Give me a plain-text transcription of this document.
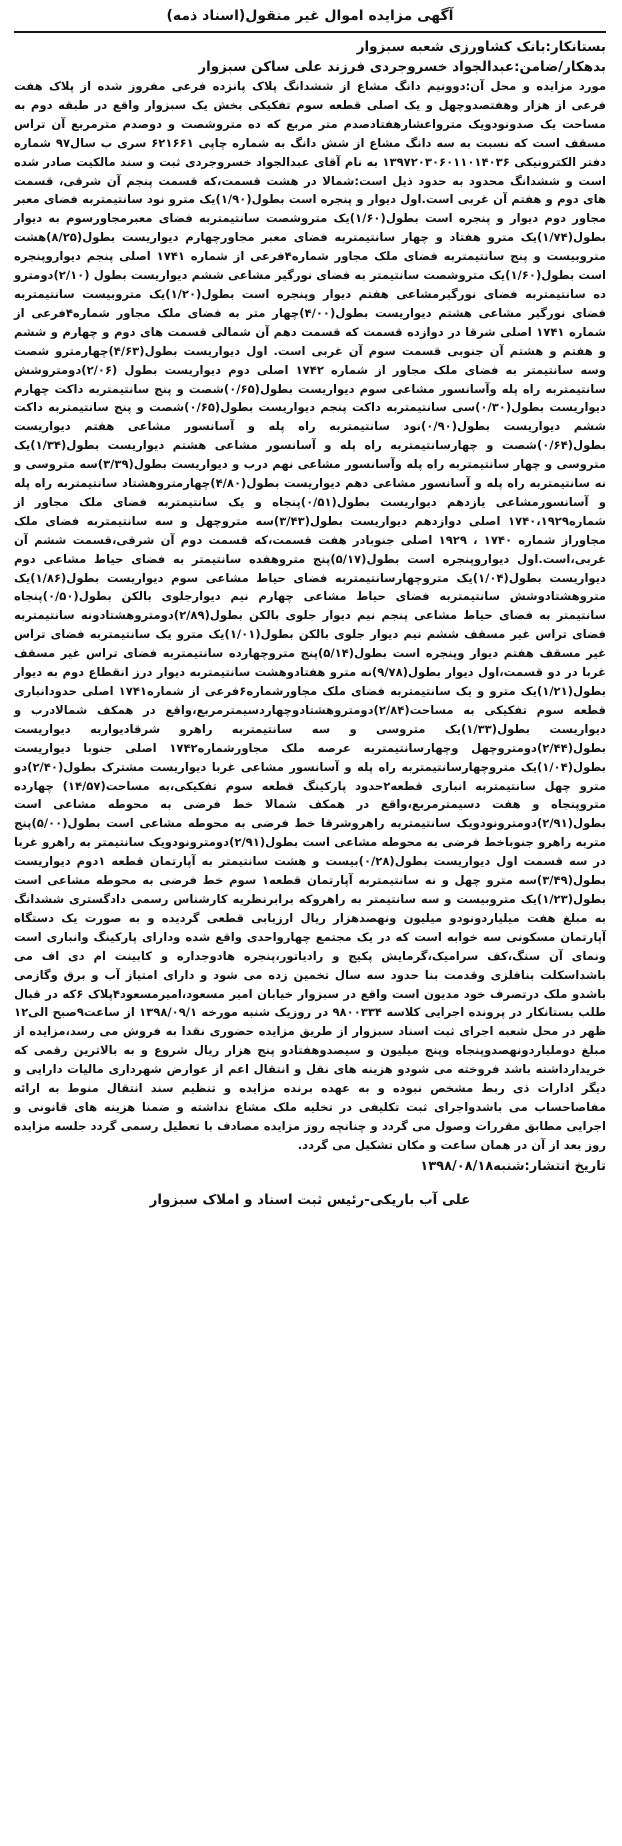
آگهی مزایده اموال غیر منقول(اسناد ذمه)

بستانکار:بانک کشاورزی شعبه سبزوار

بدهکار/ضامن:عبدالجواد خسروجردی فرزند علی ساکن سبزوار

مورد مزایده و محل آن:دوونیم دانگ مشاع از ششدانگ پلاک پانزده فرعی مفروز شده از پلاک هفت فرعی از هزار وهفتصدوچهل و یک اصلی قطعه سوم تفکیکی بخش یک سبزوار واقع در طبقه دوم به مساحت یک صدونودویک مترواعشارهفتادصدم متر مربع که ده متروشصت و دوصدم مترمربع آن تراس مسقف است که نسبت به سه دانگ مشاع از شش دانگ به شماره چاپی ۶۲۱۶۶۱ سری ب سال۹۷ شماره دفتر الکترونیکی ۱۳۹۷۲۰۳۰۶۰۱۱۰۱۴۰۳۶ به نام آقای عبدالجواد خسروجردی ثبت و سند مالکیت صادر شده است و ششدانگ محدود به حدود ذیل است:شمالا در هشت قسمت،که قسمت پنجم آن شرقی، قسمت های دوم و هفتم آن غربی است.اول دیوار و پنجره است بطول(۱/۹۰)یک مترو نود سانتیمتربه فضای معبر مجاور دوم دیوار و پنجره است بطول(۱/۶۰)یک متروشصت سانتیمتربه فضای معبرمجاورسوم به دیوار بطول(۱/۷۴)یک مترو هفتاد و چهار سانتیمتربه فضای معبر مجاورچهارم دیواریست بطول(۸/۲۵)هشت متروبیست و پنج سانتیمتربه فضای ملک مجاور شماره۴فرعی از شماره ۱۷۴۱ اصلی پنجم دیواروپنجره است بطول(۱/۶۰)یک متروشصت سانتیمتر به فضای نورگیر مشاعی ششم دیواریست بطول (۲/۱۰)دومترو ده سانتیمتربه فضای نورگیرمشاعی هفتم دیوار وپنجره است بطول(۱/۲۰)یک متروبیست سانتیمتربه فضای نورگیر مشاعی هشتم دیواریست بطول(۴/۰۰)چهار متر به فضای ملک مجاور شماره۴فرعی از شماره ۱۷۴۱ اصلی شرقا در دوازده قسمت که قسمت دهم آن شمالی قسمت های دوم و چهارم و ششم و هفتم و هشتم آن جنوبی قسمت سوم آن غربی است. اول دیواریست بطول(۴/۶۳)چهارمترو شصت وسه سانتیمتر به فضای ملک مجاور از شماره ۱۷۴۲ اصلی دوم دیواریست بطول (۲/۰۶)دومتروشش سانتیمتربه راه پله وآسانسور مشاعی سوم دیواریست بطول(۰/۶۵)شصت و پنج سانتیمتربه داکت چهارم دیواریست بطول(۰/۳۰)سی سانتیمتربه داکت پنجم دیواریست بطول(۰/۶۵)شصت و پنج سانتیمتربه داکت ششم دیواریست بطول(۰/۹۰)نود سانتیمتربه راه پله و آسانسور مشاعی هفتم دیواریست بطول(۰/۶۴)شصت و چهارسانتیمتربه راه پله و آسانسور مشاعی هشتم دیواریست بطول(۱/۳۴)یک متروسی و چهار سانتیمتربه راه پله وآسانسور مشاعی نهم درب و دیواریست بطول(۳/۳۹)سه متروسی و نه سانتیمتربه راه پله و آسانسور مشاعی دهم دیواریست بطول(۴/۸۰)چهارمتروهشتاد سانتیمتربه راه پله و آسانسورمشاعی یازدهم دیواریست بطول(۰/۵۱)پنجاه و یک سانتیمتربه فضای ملک مجاور از شماره۱۷۴۰،۱۹۲۹ اصلی دوازدهم دیواریست بطول(۳/۴۳)سه متروچهل و سه سانتیمتربه فضای ملک مجاوراز شماره ۱۷۴۰ ، ۱۹۲۹ اصلی جنوبادر هفت قسمت،که قسمت دوم آن شرقی،قسمت ششم آن غربی،است.اول دیواروپنجره است بطول(۵/۱۷)پنج متروهفده سانتیمتر به فضای حیاط مشاعی دوم دیواریست بطول(۱/۰۴)یک متروچهارسانتیمتربه فضای حیاط مشاعی سوم دیواریست بطول(۱/۸۶)یک متروهشتادوشش سانتیمتربه فضای حیاط مشاعی چهارم نیم دیوارجلوی بالکن بطول(۰/۵۰)پنجاه سانتیمتر به فضای حیاط مشاعی پنجم نیم دیوار جلوی بالکن بطول(۲/۸۹)دومتروهشتادونه سانتیمتربه فضای تراس غیر مسقف ششم نیم دیوار جلوی بالکن بطول(۱/۰۱)یک مترو یک سانتیمتربه فضای تراس غیر مسقف هفتم دیوار وپنجره است بطول(۵/۱۴)پنج متروچهارده سانتیمتربه فضای تراس غیر مسقف غربا در دو قسمت،اول دیوار بطول(۹/۷۸)نه مترو هفتادوهشت سانتیمتربه دیوار درز انقطاع دوم به دیوار بطول(۱/۲۱)یک مترو و یک سانتیمتربه فضای ملک مجاورشماره۶فرعی از شماره۱۷۴۱ اصلی حدودانباری قطعه سوم تفکیکی به مساحت(۲/۸۴)دومتروهشتادوچهاردسیمترمربع،واقع در همکف شمالادرب و دیواریست بطول(۱/۳۳)یک متروسی و سه سانتیمتربه راهرو شرقادیواربه دیواریست بطول(۲/۴۴)دومتروچهل وچهارسانتیمتربه عرصه ملک مجاورشماره۱۷۴۲ اصلی جنوبا دیواریست بطول(۱/۰۴)یک متروچهارسانتیمتربه راه پله و آسانسور مشاعی غربا دیواریست مشترک بطول(۲/۴۰)دو مترو چهل سانتیمتربه انباری قطعه۲حدود پارکینگ قطعه سوم تفکیکی،به مساحت(۱۴/۵۷) چهارده متروپنجاه و هفت دسیمترمربع،واقع در همکف شمالا خط فرضی به محوطه مشاعی است بطول(۲/۹۱)دومترونودویک سانتیمتربه راهروشرقا خط فرضی به محوطه مشاعی است بطول(۵/۰۰)پنج متربه راهرو جنوباخط فرضی به محوطه مشاعی است بطول(۲/۹۱)دومترونودویک سانتیمتر به راهرو غربا در سه قسمت اول دیواریست بطول(۰/۲۸)بیست و هشت سانتیمتر به آپارتمان قطعه ۱دوم دیواریست بطول(۳/۴۹)سه مترو چهل و نه سانتیمتربه آپارتمان قطعه۱ سوم خط فرضی به محوطه مشاعی است بطول(۱/۲۳)یک متروبیست و سه سانتیمتر به راهروکه برابرنظریه کارشناس رسمی دادگستری ششدانگ به مبلغ هفت میلیاردونودو میلیون ونهصدهزار ریال ارزیابی قطعی گردیده و به صورت یک دستگاه آپارتمان مسکونی سه خوابه است که در یک مجتمع چهارواحدی واقع شده ودارای پارکینگ وانباری است ونمای آن سنگ،کف سرامیک،گرمایش پکیج و رادیاتور،پنجره هادوجداره و کابینت ام دی اف می باشداسکلت بنافلزی وقدمت بنا حدود سه سال تخمین زده می شود و دارای امتیاز آب و برق وگازمی باشدو ملک درتصرف خود مدیون است واقع در سبزوار خیابان امیر مسعود،امیرمسعود۴پلاک ۶که در قبال طلب بستانکار در پرونده اجرایی کلاسه ۹۸۰۰۳۳۴ در روزیک شنبه مورخه ۱۳۹۸/۰۹/۱ از ساعت۹صبح الی۱۲ ظهر در محل شعبه اجرای ثبت اسناد سبزوار از طریق مزایده حضوری نقدا به فروش می رسد،مزایده از مبلغ دوملیاردونهصدوپنجاه وپنج میلیون و سیصدوهفتادو پنج هزار ریال شروع و به بالاترین رقمی که خریدارداشته باشد فروخته می شودو هزینه های نقل و انتقال اعم از عوارض شهرداری مالیات دارایی و دیگر ادارات ذی ربط مشخص نبوده و به عهده برنده مزایده و تنظیم سند انتقال منوط به ارائه مفاصاحساب می باشدواجرای ثبت تکلیفی در تخلیه ملک مشاع نداشته و ضمنا هزینه های قانونی و اجرایی مطابق مقررات وصول می گردد و چنانچه روز مزایده مصادف با تعطیل رسمی گردد جلسه مزایده روز بعد از آن در همان ساعت و مکان تشکیل می گردد.

تاریخ انتشار:شنبه۱۳۹۸/۰۸/۱۸

علی آب باریکی-رئیس ثبت اسناد و املاک سبزوار
